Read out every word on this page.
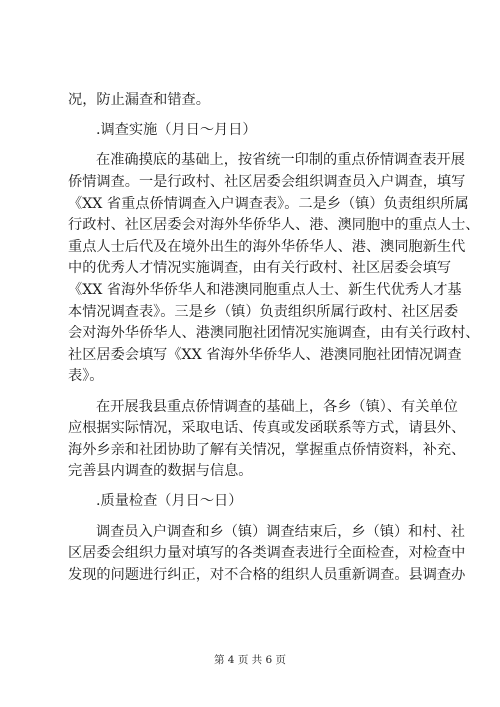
况，防止漏查和错查。
.调查实施（月日～月日）
在准确摸底的基础上，按省统一印制的重点侨情调查表开展
侨情调查。一是行政村、社区居委会组织调查员入户调查，填写
《XX 省重点侨情调查入户调查表》。二是乡（镇）负责组织所属
行政村、社区居委会对海外华侨华人、港、澳同胞中的重点人士、
重点人士后代及在境外出生的海外华侨华人、港、澳同胞新生代
中的优秀人才情况实施调查，由有关行政村、社区居委会填写
《XX 省海外华侨华人和港澳同胞重点人士、新生代优秀人才基
本情况调查表》。三是乡（镇）负责组织所属行政村、社区居委
会对海外华侨华人、港澳同胞社团情况实施调查，由有关行政村、
社区居委会填写《XX 省海外华侨华人、港澳同胞社团情况调查
表》。
在开展我县重点侨情调查的基础上，各乡（镇）、有关单位
应根据实际情况，采取电话、传真或发函联系等方式，请县外、
海外乡亲和社团协助了解有关情况，掌握重点侨情资料，补充、
完善县内调查的数据与信息。
.质量检查（月日～日）
调查员入户调查和乡（镇）调查结束后，乡（镇）和村、社
区居委会组织力量对填写的各类调查表进行全面检查，对检查中
发现的问题进行纠正，对不合格的组织人员重新调查。县调查办
第 4 页 共 6 页
